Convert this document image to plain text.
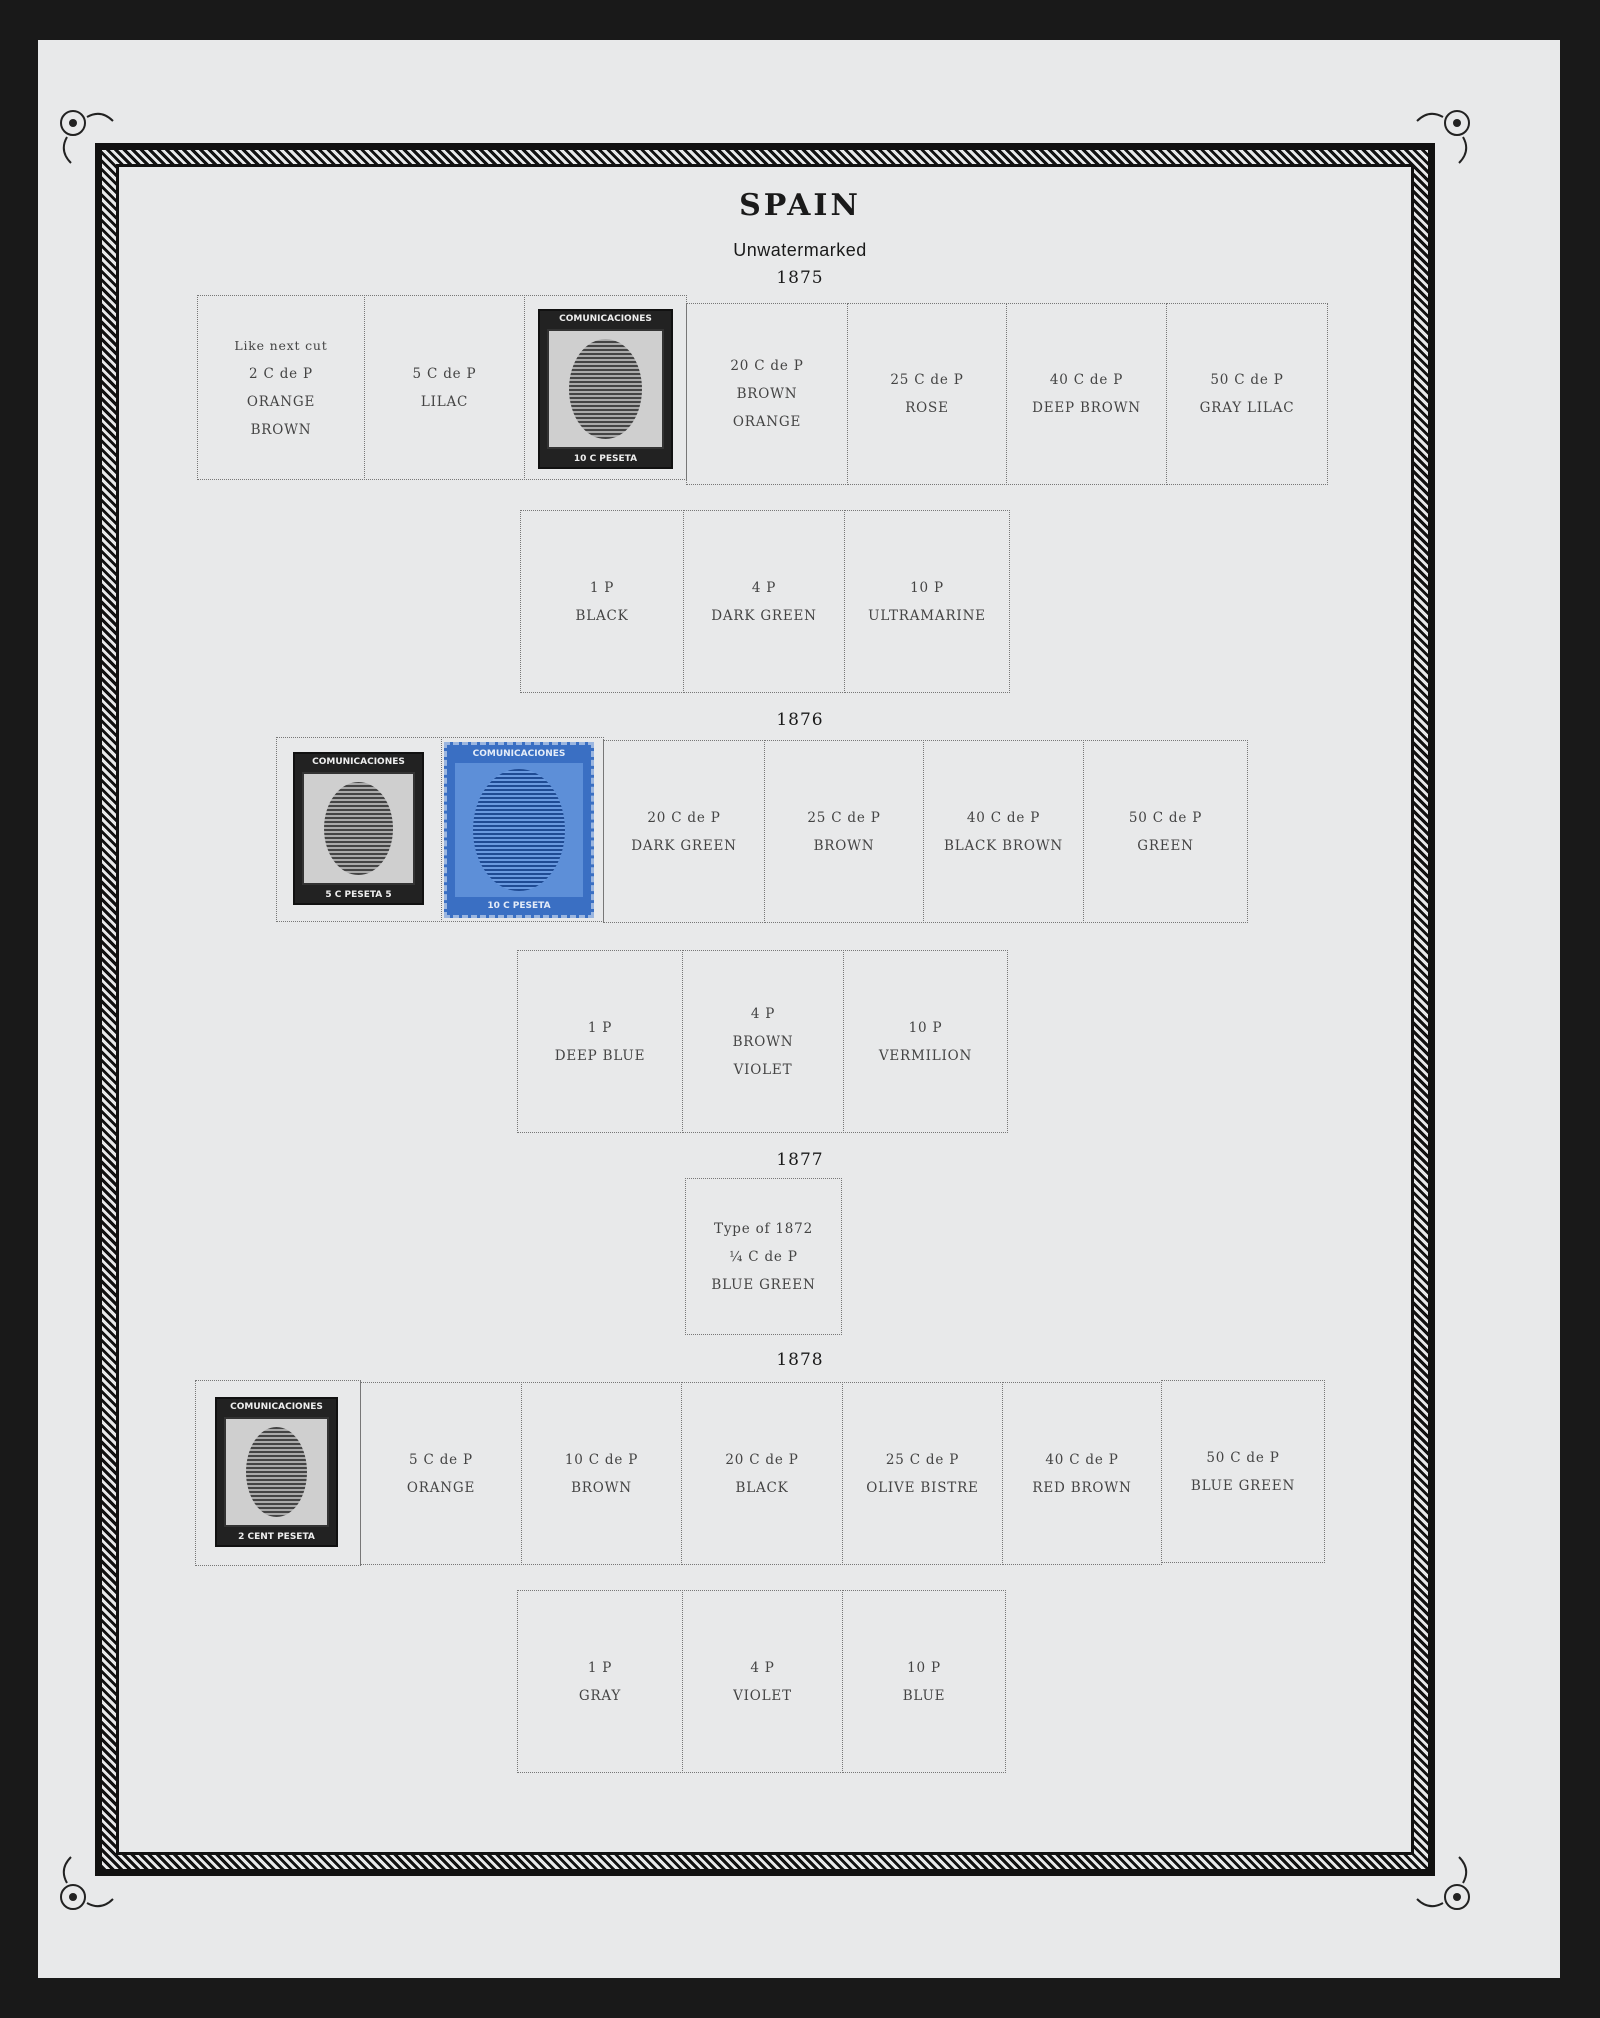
SPAIN
Unwatermarked
1875
1876
1877
1878
Like next cut
2 C de P
ORANGE
BROWN
5 C de P
LILAC
COMUNICACIONES
10 C PESETA
20 C de P
BROWN
ORANGE
25 C de P
ROSE
40 C de P
DEEP BROWN
50 C de P
GRAY LILAC
1 P
BLACK
4 P
DARK GREEN
10 P
ULTRAMARINE
COMUNICACIONES
5 C PESETA 5
COMUNICACIONES
10 C PESETA
20 C de P
DARK GREEN
25 C de P
BROWN
40 C de P
BLACK BROWN
50 C de P
GREEN
1 P
DEEP BLUE
4 P
BROWN
VIOLET
10 P
VERMILION
Type of 1872
¼ C de P
BLUE GREEN
COMUNICACIONES
2 CENT PESETA
5 C de P
ORANGE
10 C de P
BROWN
20 C de P
BLACK
25 C de P
OLIVE BISTRE
40 C de P
RED BROWN
50 C de P
BLUE GREEN
1 P
GRAY
4 P
VIOLET
10 P
BLUE
